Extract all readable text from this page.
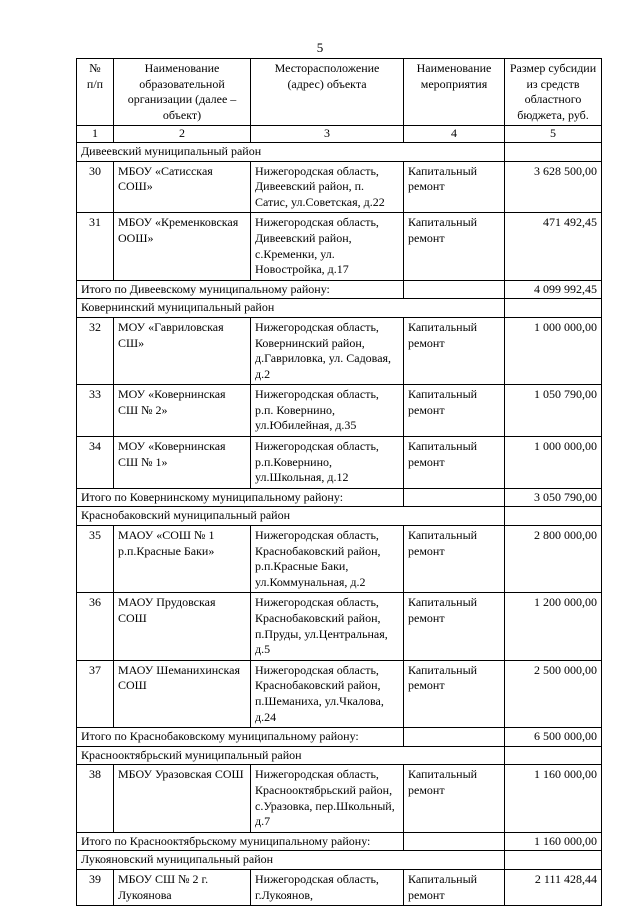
5
№
п/п	Наименование образовательной организации (далее – объект)	Месторасположение (адрес) объекта	Наименование мероприятия	Размер субсидии из средств областного бюджета, руб.
1	2	3	4	5
Дивеевский муниципальный район				
30	МБОУ «Сатисская СОШ»	Нижегородская область, Дивеевский район, п. Сатис, ул.Советская, д.22	Капитальный ремонт	3 628 500,00
31	МБОУ «Кременковская ООШ»	Нижегородская область, Дивеевский район, с.Кременки, ул. Новостройка, д.17	Капитальный ремонт	471 492,45
Итого по Дивеевскому муниципальному району:				4 099 992,45
Ковернинский муниципальный район				
32	МОУ «Гавриловская СШ»	Нижегородская область, Ковернинский район, д.Гавриловка, ул. Садовая, д.2	Капитальный ремонт	1 000 000,00
33	МОУ «Ковернинская СШ № 2»	Нижегородская область, р.п. Ковернино, ул.Юбилейная, д.35	Капитальный ремонт	1 050 790,00
34	МОУ «Ковернинская СШ № 1»	Нижегородская область, р.п.Ковернино, ул.Школьная, д.12	Капитальный ремонт	1 000 000,00
Итого по Ковернинскому муниципальному району:				3 050 790,00
Краснобаковский муниципальный район				
35	МАОУ «СОШ № 1 р.п.Красные Баки»	Нижегородская область, Краснобаковский район, р.п.Красные Баки, ул.Коммунальная, д.2	Капитальный ремонт	2 800 000,00
36	МАОУ Прудовская СОШ	Нижегородская область, Краснобаковский район, п.Пруды, ул.Центральная, д.5	Капитальный ремонт	1 200 000,00
37	МАОУ Шеманихинская СОШ	Нижегородская область, Краснобаковский район, п.Шеманиха, ул.Чкалова, д.24	Капитальный ремонт	2 500 000,00
Итого по Краснобаковскому муниципальному району:				6 500 000,00
Краснооктябрьский муниципальный район				
38	МБОУ Уразовская СОШ	Нижегородская область, Краснооктябрьский район, с.Уразовка, пер.Школьный, д.7	Капитальный ремонт	1 160 000,00
Итого по Краснооктябрьскому муниципальному району:				1 160 000,00
Лукояновский муниципальный район				
39	МБОУ СШ № 2 г. Лукоянова	Нижегородская область, г.Лукоянов,	Капитальный ремонт	2 111 428,44
